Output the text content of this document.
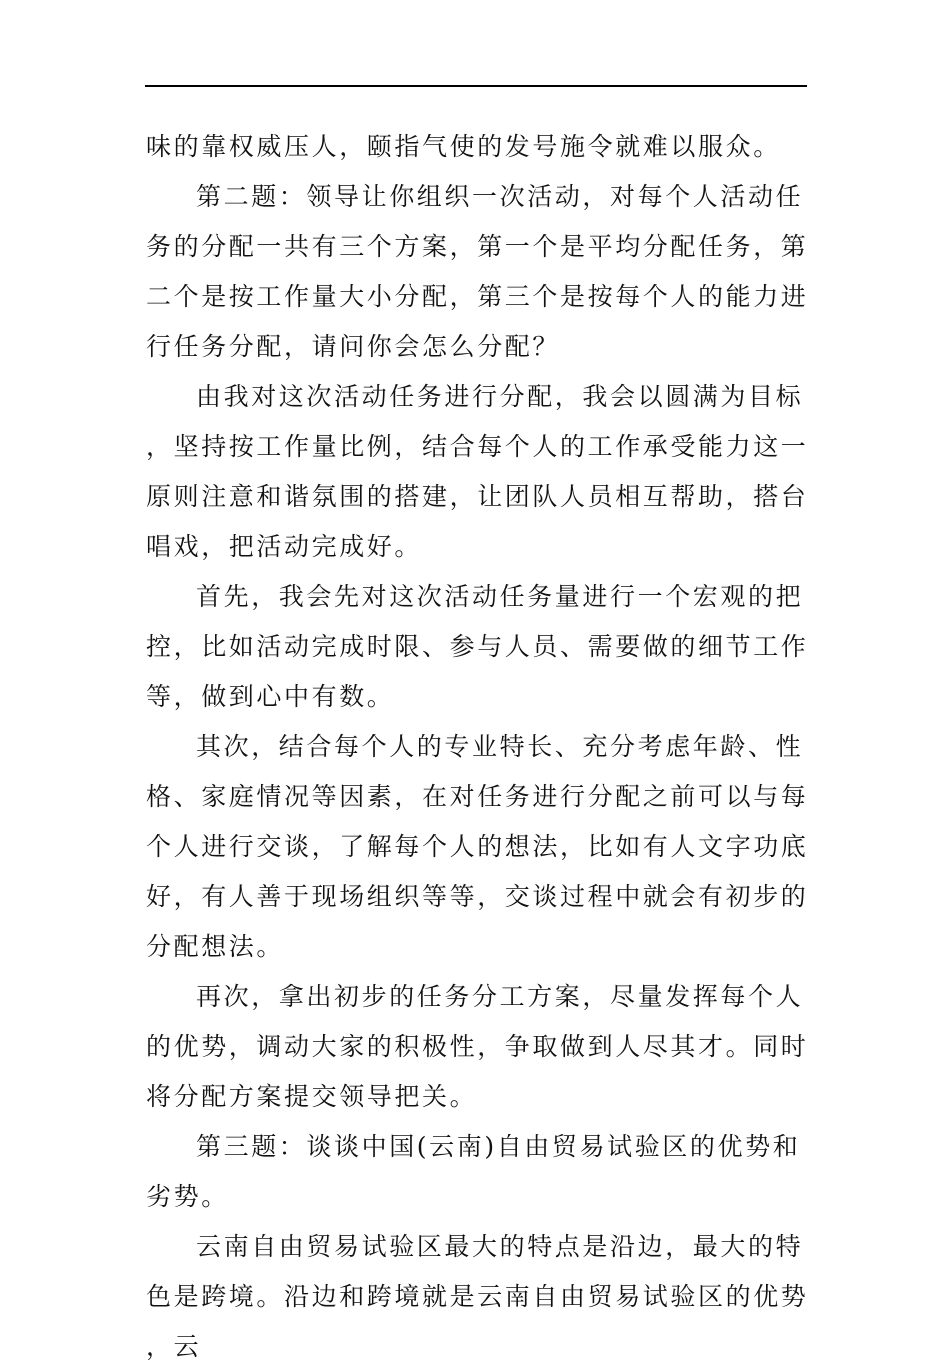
味的靠权威压人，颐指气使的发号施令就难以服众。

第二题：领导让你组织一次活动，对每个人活动任务的分配一共有三个方案，第一个是平均分配任务，第二个是按工作量大小分配，第三个是按每个人的能力进行任务分配，请问你会怎么分配？

由我对这次活动任务进行分配，我会以圆满为目标，坚持按工作量比例，结合每个人的工作承受能力这一原则注意和谐氛围的搭建，让团队人员相互帮助，搭台唱戏，把活动完成好。

首先，我会先对这次活动任务量进行一个宏观的把控，比如活动完成时限、参与人员、需要做的细节工作等，做到心中有数。

其次，结合每个人的专业特长、充分考虑年龄、性格、家庭情况等因素，在对任务进行分配之前可以与每个人进行交谈，了解每个人的想法，比如有人文字功底好，有人善于现场组织等等，交谈过程中就会有初步的分配想法。

再次，拿出初步的任务分工方案，尽量发挥每个人的优势，调动大家的积极性，争取做到人尽其才。同时将分配方案提交领导把关。

第三题：谈谈中国(云南)自由贸易试验区的优势和劣势。

云南自由贸易试验区最大的特点是沿边，最大的特色是跨境。沿边和跨境就是云南自由贸易试验区的优势，云
